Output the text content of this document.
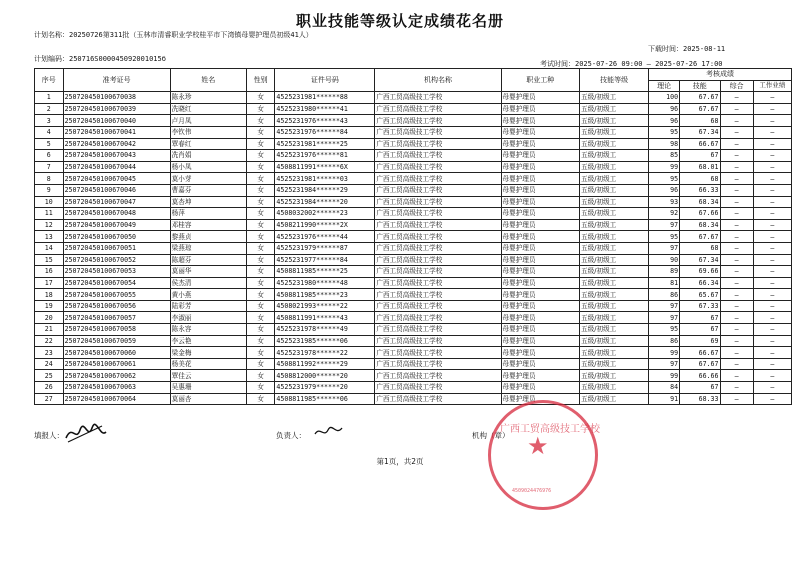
职业技能等级认定成绩花名册
计划名称：20250726第311批（玉林市清睿职业学校桂平市下湾镇母婴护理员初级41人）
下载时间：2025-08-11
计划编码：250716S000045092001015б
考试时间：2025-07-26 09:00 — 2025-07-26 17:00
序号	准考证号	姓名	性别	证件号码	机构名称	职业工种	技能等级	考核成绩			
								理论	技能	综合	工作业绩
1	250720450100670038	陈永珍	女	4525231981******88	广西工贸高级技工学校	母婴护理员	五级/初级工	100	67.67	—	—
2	250720450100670039	冼晓红	女	4525231980******41	广西工贸高级技工学校	母婴护理员	五级/初级工	96	67.67	—	—
3	250720450100670040	卢月凤	女	4525231976******43	广西工贸高级技工学校	母婴护理员	五级/初级工	96	68	—	—
4	250720450100670041	李钦伟	女	4525231976******84	广西工贸高级技工学校	母婴护理员	五级/初级工	95	67.34	—	—
5	250720450100670042	覃春红	女	4525231981******25	广西工贸高级技工学校	母婴护理员	五级/初级工	98	66.67	—	—
6	250720450100670043	冼肖娟	女	4525231976******81	广西工贸高级技工学校	母婴护理员	五级/初级工	85	67	—	—
7	250720450100670044	杨小凤	女	4508811991******6X	广西工贸高级技工学校	母婴护理员	五级/初级工	99	68.01	—	—
8	250720450100670045	莫小芽	女	4525231981******03	广西工贸高级技工学校	母婴护理员	五级/初级工	95	68	—	—
9	250720450100670046	曹嘉芬	女	4525231984******29	广西工贸高级技工学校	母婴护理员	五级/初级工	96	66.33	—	—
10	250720450100670047	莫杏坤	女	4525231984******20	广西工贸高级技工学校	母婴护理员	五级/初级工	93	68.34	—	—
11	250720450100670048	杨萍	女	4508032002******23	广西工贸高级技工学校	母婴护理员	五级/初级工	92	67.66	—	—
12	250720450100670049	邓桂容	女	4508211990******2X	广西工贸高级技工学校	母婴护理员	五级/初级工	97	68.34	—	—
13	250720450100670050	黎燕贞	女	4525231976******44	广西工贸高级技工学校	母婴护理员	五级/初级工	95	67.67	—	—
14	250720450100670051	梁燕琼	女	4525231979******87	广西工贸高级技工学校	母婴护理员	五级/初级工	97	68	—	—
15	250720450100670052	陈超芬	女	4525231977******84	广西工贸高级技工学校	母婴护理员	五级/初级工	90	67.34	—	—
16	250720450100670053	莫丽华	女	4508811985******25	广西工贸高级技工学校	母婴护理员	五级/初级工	89	69.66	—	—
17	250720450100670054	侯杰清	女	4525231980******48	广西工贸高级技工学校	母婴护理员	五级/初级工	81	66.34	—	—
18	250720450100670055	黄小燕	女	4508811985******23	广西工贸高级技工学校	母婴护理员	五级/初级工	86	65.67	—	—
19	250720450100670056	陆彩芳	女	4508021993******22	广西工贸高级技工学校	母婴护理员	五级/初级工	97	67.33	—	—
20	250720450100670057	李淑丽	女	4508811991******43	广西工贸高级技工学校	母婴护理员	五级/初级工	97	67	—	—
21	250720450100670058	陈永容	女	4525231978******49	广西工贸高级技工学校	母婴护理员	五级/初级工	95	67	—	—
22	250720450100670059	李云艳	女	4525231985******06	广西工贸高级技工学校	母婴护理员	五级/初级工	86	69	—	—
23	250720450100670060	梁金梅	女	4525231978******22	广西工贸高级技工学校	母婴护理员	五级/初级工	99	66.67	—	—
24	250720450100670061	杨美花	女	4508811992******29	广西工贸高级技工学校	母婴护理员	五级/初级工	97	67.67	—	—
25	250720450100670062	覃佳云	女	4508812000******20	广西工贸高级技工学校	母婴护理员	五级/初级工	99	66.66	—	—
26	250720450100670063	吴惠珊	女	4525231979******20	广西工贸高级技工学校	母婴护理员	五级/初级工	84	67	—	—
27	250720450100670064	莫丽杏	女	4508811985******06	广西工贸高级技工学校	母婴护理员	五级/初级工	91	68.33	—	—
填报人：	负责人：	机构（章）
第1页，共2页
广西工贸高级技工学校
★
4509024476976
